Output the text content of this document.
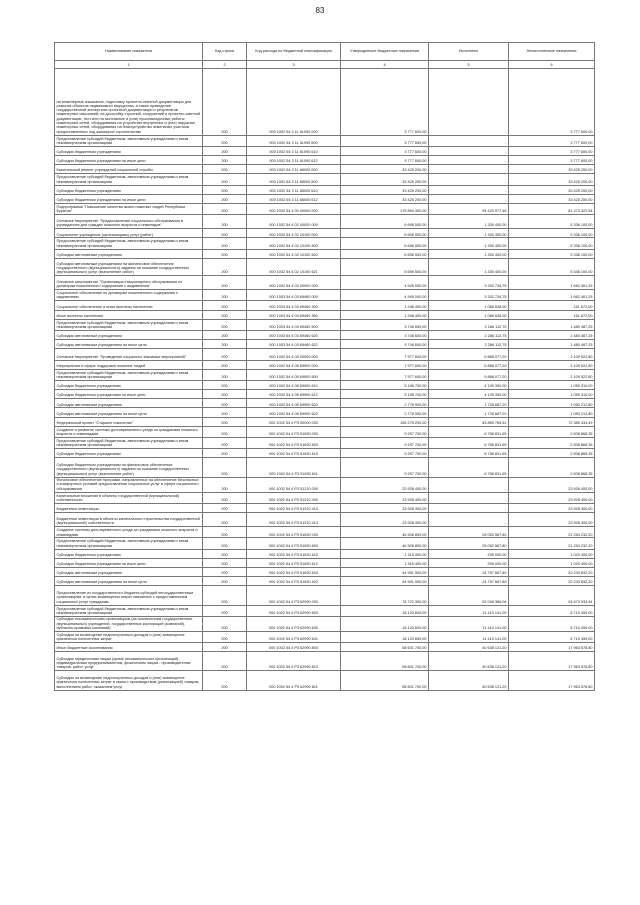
83
Наименование показателя	Код строки	Код расхода по бюджетной классификации	Утвержденные бюджетные назначения	Исполнено	Неисполненные назначения
1	2	3	4	5	6
на инженерные изыскания, подготовку проектно-сметной документации для ремонта объектов недвижимого имущества, а также проведение государственной экспертизы проектной документации и результатов инженерных изысканий; на достройку строений, сооружений и проектно-сметной документации, тест или на монтажные и (или) пусконаладочные работы инженерных сетей, оборудования на устройство внутренних и (или) наружных инженерных сетей, оборудования на благоустройство земельных участков, предоставленных под жилищное строительство	200	000 1002 54 3 11 61090 000	3 777 600,00	-	3 777 600,00
Предоставление субсидий бюджетным, автономным учреждениям и иным некоммерческим организациям	200	000 1002 54 3 11 61090 600	3 777 600,00	-	3 777 600,00
Субсидии бюджетным учреждениям	200	000 1002 54 3 11 61090 610	3 777 600,00	-	3 777 600,00
Субсидии бюджетным учреждениям на иные цели	200	000 1002 54 3 11 61090 612	3 777 600,00	-	3 777 600,00
Капитальный ремонт учреждений социальной службы	200	000 1002 54 3 11 68000 000	33 425 200,00	-	33 425 200,00
Предоставление субсидий бюджетным, автономным учреждениям и иным некоммерческим организациям	200	000 1002 54 3 11 68000 600	33 425 200,00	-	33 425 200,00
Субсидии бюджетным учреждениям	200	000 1002 54 3 11 68000 610	33 425 200,00	-	33 425 200,00
Субсидии бюджетным учреждениям на иные цели	200	000 1002 54 3 11 68000 612	33 425 200,00	-	33 425 200,00
Подпрограмма "Повышение качества жизни пожилых людей Республики Бурятия"	200	000 1002 54 4 00 00000 000	175 894 300,00	94 420 977,46	81 473 322,54
Основное мероприятие "Предоставление социального обслуживания в учреждениях для граждан пожилого возраста и инвалидов"	200	000 1002 54 4 02 00000 000	6 696 500,00	1 330 400,00	5 336 100,00
Социальное учреждение (организациям) услуг (работ)	200	000 1002 54 4 02 10100 000	6 696 500,00	1 330 400,00	5 336 100,00
Предоставление субсидий бюджетным, автономным учреждениям и иным некоммерческим организациям	200	000 1002 54 4 02 10100 600	6 696 500,00	1 330 400,00	5 336 100,00
Субсидии автономным учреждениям	200	000 1002 54 4 02 10100 620	6 696 500,00	1 330 400,00	5 336 100,00
Субсидии автономным учреждениям на финансовое обеспечение государственного (муниципального) задания на оказание государственных (муниципальных) услуг (выполнение работ)	200	000 1002 54 4 02 10100 621	6 696 500,00	1 330 400,00	5 336 100,00
Основное мероприятие "Организация стационарного обслуживания по договорам пожизненного содержания с иждивением"	200	000 1002 54 4 03 00000 000	4 945 000,00	3 332 734,75	1 662 461,25
Социальное обеспечение по договорам пожизненного содержания с иждивением	200	000 1003 54 4 03 69460 000	4 945 000,00	3 332 734,75	1 662 461,25
Социальное обеспечение и иные выплаты населению	200	000 1003 54 4 03 69460 300	1 248 400,00	1 086 628,00	161 672,00
Иные выплаты населению	200	000 1003 54 4 03 69460 360	1 248 400,00	1 086 628,00	161 672,00
Предоставление субсидий бюджетным, автономным учреждениям и иным некоммерческим организациям	200	000 1003 54 4 03 69460 600	3 746 600,00	2 266 112,75	1 480 487,25
Субсидии автономным учреждениям	200	000 1003 54 4 03 69460 620	3 746 600,00	2 266 112,75	1 480 487,25
Субсидии автономным учреждениям на иные цели	200	000 1003 54 4 03 69460 622	3 746 600,00	2 266 112,75	1 480 487,25
Основное мероприятие "Проведение социально значимых мероприятий"	200	000 1002 54 4 05 00000 000	7 977 600,00	5 868 077,20	2 109 522,80
Мероприятия в сфере поддержки пожилых людей	200	000 1002 54 4 05 69900 000	7 977 600,00	5 868 077,20	2 109 522,80
Предоставление субсидий бюджетным, автономным учреждениям и иным некоммерческим организациям	200	000 1002 54 4 05 69900 600	7 977 600,00	5 868 077,20	2 109 522,80
Субсидии бюджетным учреждениям	200	000 1002 54 4 05 69900 610	5 198 700,00	4 139 390,00	1 059 310,00
Субсидии бюджетным учреждениям на иные цели	200	000 1002 54 4 05 69900 612	5 198 700,00	4 139 390,00	1 059 310,00
Субсидии автономным учреждениям	200	000 1002 54 4 05 69900 620	2 778 900,00	1 728 687,20	1 050 212,80
Субсидии автономным учреждениям на иные цели	200	000 1002 54 4 05 69900 622	2 778 900,00	1 728 687,20	1 050 212,80
Федеральный проект "Старшее поколение"	200	000 1002 54 4 P3 00000 000	156 275 200,00	83 889 765,51	72 385 434,49
Создание и развитие системы долговременного ухода за гражданами пожилого возраста и инвалидами	200	000 1002 54 4 P3 51630 000	9 297 700,00	6 788 831,65	2 508 868,35
Предоставление субсидий бюджетным, автономным учреждениям и иным некоммерческим организациям	200	000 1002 54 4 P3 51630 600	9 297 700,00	6 788 831,65	2 508 868,35
Субсидии бюджетным учреждениям	200	000 1002 54 4 P3 51630 610	9 297 700,00	6 788 831,65	2 508 868,35
Субсидии бюджетным учреждениям на финансовое обеспечение государственного (муниципального) задания на оказание государственных (муниципальных) услуг (выполнение работ)	200	000 1002 54 4 P3 51630 611	9 297 700,00	6 788 831,65	2 508 868,35
Финансовое обеспечение программ, направленных на обеспечение безопасных и комфортных условий предоставления социальных услуг в сфере социального обслуживания	200	000 1002 54 4 P3 51210 000	23 928 400,00	-	23 928 400,00
Капитальные вложения в объекты государственной (муниципальной) собственности	200	000 1002 54 4 P3 51210 400	23 928 400,00	-	23 928 400,00
Бюджетные инвестиции	200	000 1002 54 4 P3 51210 410	23 928 400,00	-	23 928 400,00
Бюджетные инвестиции в объекты капитального строительства государственной (муниципальной) собственности	200	000 1002 54 4 P3 51210 414	23 928 400,00	-	23 928 400,00
Создание системы долговременного ухода за гражданами пожилого возраста и инвалидами	200	000 1002 54 4 P3 51630 000	46 306 800,00	25 052 567,80	21 254 232,20
Предоставление субсидий бюджетным, автономным учреждениям и иным некоммерческим организациям	200	000 1002 54 4 P3 51630 600	46 306 800,00	25 052 567,80	21 254 232,20
Субсидии бюджетным учреждениям	200	000 1002 54 4 P3 51630 610	1 315 400,00	295 000,00	1 020 400,00
Субсидии бюджетным учреждениям на иные цели	200	000 1002 54 4 P3 51630 612	1 315 400,00	295 000,00	1 020 400,00
Субсидии автономным учреждениям	200	000 1002 54 4 P3 51630 620	44 991 500,00	24 757 667,80	20 233 832,20
Субсидии автономным учреждениям на иные цели	200	000 1002 54 4 P3 51630 622	44 991 500,00	24 757 667,80	20 233 832,20
Предоставление из государственного бюджета субсидий негосударственным организациям, в целях возмещения затрат связанных с предоставлением социальных услуг гражданам	200	000 1002 54 4 P3 62990 000	76 722 300,00	52 048 366,06	24 673 933,94
Предоставление субсидий бюджетным, автономным учреждениям и иным некоммерческим организациям	200	000 1002 54 4 P3 62990 600	18 120 600,00	11 410 141,00	6 710 459,00
Субсидии некоммерческим организациям (за исключением государственных (муниципальных) учреждений, государственных корпораций (компаний), публично-правовых компаний)	200	000 1002 54 4 P3 62990 630	18 120 600,00	11 410 141,00	6 710 459,00
Субсидии на возмещение недополученных доходов и (или) возмещение фактически понесенных затрат	200	000 1002 54 4 P3 62990 631	18 120 600,00	11 410 141,00	6 710 459,00
Иные бюджетные ассигнования	200	000 1002 54 4 P3 62990 800	58 601 700,00	40 638 121,20	17 963 578,80
Субсидии юридическим лицам (кроме некоммерческих организаций), индивидуальным предпринимателям, физическим лицам - производителям товаров, работ, услуг	200	000 1002 54 4 P3 62990 810	58 601 700,00	40 638 121,20	17 963 578,80
Субсидии на возмещение недополученных доходов и (или) возмещение фактически понесенных затрат в связи с производством (реализацией) товаров, выполнением работ, оказанием услуг	200	000 1002 54 4 P3 62990 811	58 601 700,00	40 638 121,20	17 963 578,80
